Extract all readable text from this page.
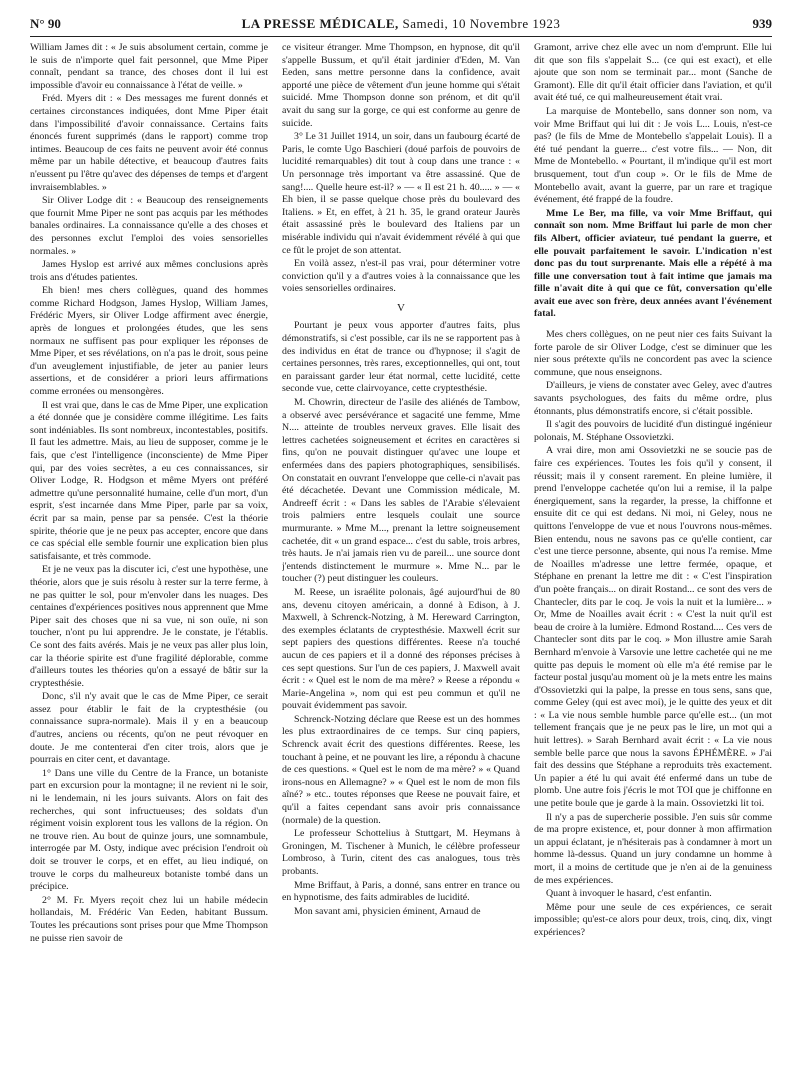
N° 90	LA PRESSE MÉDICALE, Samedi, 10 Novembre 1923	939

William James dit : « Je suis absolument certain, comme je le suis de n'importe quel fait personnel, que Mme Piper connaît, pendant sa trance, des choses dont il lui est impossible d'avoir eu connaissance à l'état de veille. »

Fréd. Myers dit : « Des messages me furent donnés et certaines circonstances indiquées, dont Mme Piper était dans l'impossibilité d'avoir connaissance. Certains faits énoncés furent supprimés (dans le rapport) comme trop intimes. Beaucoup de ces faits ne peuvent avoir été connus même par un habile détective, et beaucoup d'autres faits n'eussent pu l'être qu'avec des dépenses de temps et d'argent invraisemblables. »

Sir Oliver Lodge dit : « Beaucoup des renseignements que fournit Mme Piper ne sont pas acquis par les méthodes banales ordinaires. La connaissance qu'elle a des choses et des personnes exclut l'emploi des voies sensorielles normales. »

James Hyslop est arrivé aux mêmes conclusions après trois ans d'études patientes.

Eh bien! mes chers collègues, quand des hommes comme Richard Hodgson, James Hyslop, William James, Frédéric Myers, sir Oliver Lodge affirment avec énergie, après de longues et prolongées études, que les sens normaux ne suffisent pas pour expliquer les réponses de Mme Piper, et ses révélations, on n'a pas le droit, sous peine d'un aveuglement injustifiable, de jeter au panier leurs assertions, et de considérer a priori leurs affirmations comme erronées ou mensongères.

Il est vrai que, dans le cas de Mme Piper, une explication a été donnée que je considère comme illégitime. Les faits sont indéniables. Ils sont nombreux, incontestables, positifs. Il faut les admettre. Mais, au lieu de supposer, comme je le fais, que c'est l'intelligence (inconsciente) de Mme Piper qui, par des voies secrètes, a eu ces connaissances, sir Oliver Lodge, R. Hodgson et même Myers ont préféré admettre qu'une personnalité humaine, celle d'un mort, d'un esprit, s'est incarnée dans Mme Piper, parle par sa voix, écrit par sa main, pense par sa pensée. C'est la théorie spirite, théorie que je ne peux pas accepter, encore que dans ce cas spécial elle semble fournir une explication bien plus satisfaisante, et très commode.

Et je ne veux pas la discuter ici, c'est une hypothèse, une théorie, alors que je suis résolu à rester sur la terre ferme, à ne pas quitter le sol, pour m'envoler dans les nuages. Des centaines d'expériences positives nous apprennent que Mme Piper sait des choses que ni sa vue, ni son ouïe, ni son toucher, n'ont pu lui apprendre. Je le constate, je l'établis. Ce sont des faits avérés. Mais je ne veux pas aller plus loin, car la théorie spirite est d'une fragilité déplorable, comme d'ailleurs toutes les théories qu'on a essayé de bâtir sur la cryptesthésie.

Donc, s'il n'y avait que le cas de Mme Piper, ce serait assez pour établir le fait de la cryptesthésie (ou connaissance supra-normale). Mais il y en a beaucoup d'autres, anciens ou récents, qu'on ne peut révoquer en doute. Je me contenterai d'en citer trois, alors que je pourrais en citer cent, et davantage.

1° Dans une ville du Centre de la France, un botaniste part en excursion pour la montagne; il ne revient ni le soir, ni le lendemain, ni les jours suivants. Alors on fait des recherches, qui sont infructueuses; des soldats d'un régiment voisin explorent tous les vallons de la région. On ne trouve rien. Au bout de quinze jours, une somnambule, interrogée par M. Osty, indique avec précision l'endroit où doit se trouver le corps, et en effet, au lieu indiqué, on trouve le corps du malheureux botaniste tombé dans un précipice.

2° M. Fr. Myers reçoit chez lui un habile médecin hollandais, M. Frédéric Van Eeden, habitant Bussum. Toutes les précautions sont prises pour que Mme Thompson ne puisse rien savoir de

ce visiteur étranger. Mme Thompson, en hypnose, dit qu'il s'appelle Bussum, et qu'il était jardinier d'Eden, M. Van Eeden, sans mettre personne dans la confidence, avait apporté une pièce de vêtement d'un jeune homme qui s'était suicidé. Mme Thompson donne son prénom, et dit qu'il avait du sang sur la gorge, ce qui est conforme au genre de suicide.

3° Le 31 Juillet 1914, un soir, dans un faubourg écarté de Paris, le comte Ugo Baschieri (doué parfois de pouvoirs de lucidité remarquables) dit tout à coup dans une trance : « Un personnage très important va être assassiné. Que de sang!.... Quelle heure est-il? » — « Il est 21 h. 40..... » — « Eh bien, il se passe quelque chose près du boulevard des Italiens. » Et, en effet, à 21 h. 35, le grand orateur Jaurès était assassiné près le boulevard des Italiens par un misérable individu qui n'avait évidemment révélé à qui que ce fût le projet de son attentat.

En voilà assez, n'est-il pas vrai, pour déterminer votre conviction qu'il y a d'autres voies à la connaissance que les voies sensorielles ordinaires.

V

Pourtant je peux vous apporter d'autres faits, plus démonstratifs, si c'est possible, car ils ne se rapportent pas à des individus en état de trance ou d'hypnose; il s'agit de certaines personnes, très rares, exceptionnelles, qui ont, tout en paraissant garder leur état normal, cette lucidité, cette seconde vue, cette clairvoyance, cette cryptesthésie.

M. Chowrin, directeur de l'asile des aliénés de Tambow, a observé avec persévérance et sagacité une femme, Mme N.... atteinte de troubles nerveux graves. Elle lisait des lettres cachetées soigneusement et écrites en caractères si fins, qu'on ne pouvait distinguer qu'avec une loupe et enfermées dans des papiers photographiques, sensibilisés. On constatait en ouvrant l'enveloppe que celle-ci n'avait pas été décachetée. Devant une Commission médicale, M. Andreeff écrit : « Dans les sables de l'Arabie s'élevaient trois palmiers entre lesquels coulait une source murmurante. » Mme M..., prenant la lettre soigneusement cachetée, dit « un grand espace... c'est du sable, trois arbres, très hauts. Je n'ai jamais rien vu de pareil... une source dont j'entends distinctement le murmure ». Mme N... par le toucher (?) peut distinguer les couleurs.

M. Reese, un israélite polonais, âgé aujourd'hui de 80 ans, devenu citoyen américain, a donné à Edison, à J. Maxwell, à Schrenck-Notzing, à M. Hereward Carrington, des exemples éclatants de cryptesthésie. Maxwell écrit sur sept papiers des questions différentes. Reese n'a touché aucun de ces papiers et il a donné des réponses précises à ces sept questions. Sur l'un de ces papiers, J. Maxwell avait écrit : « Quel est le nom de ma mère? » Reese a répondu « Marie-Angelina », nom qui est peu commun et qu'il ne pouvait évidemment pas savoir.

Schrenck-Notzing déclare que Reese est un des hommes les plus extraordinaires de ce temps. Sur cinq papiers, Schrenck avait écrit des questions différentes. Reese, les touchant à peine, et ne pouvant les lire, a répondu à chacune de ces questions. « Quel est le nom de ma mère? » « Quand irons-nous en Allemagne? » « Quel est le nom de mon fils aîné? » etc.. toutes réponses que Reese ne pouvait faire, et qu'il a faites cependant sans avoir pris connaissance (normale) de la question.

Le professeur Schottelius à Stuttgart, M. Heymans à Groningen, M. Tischener à Munich, le célèbre professeur Lombroso, à Turin, citent des cas analogues, tous très probants.

Mme Briffaut, à Paris, a donné, sans entrer en trance ou en hypnotisme, des faits admirables de lucidité.

Mon savant ami, physicien éminent, Arnaud de

Gramont, arrive chez elle avec un nom d'emprunt. Elle lui dit que son fils s'appelait S... (ce qui est exact), et elle ajoute que son nom se terminait par... mont (Sanche de Gramont). Elle dit qu'il était officier dans l'aviation, et qu'il avait été tué, ce qui malheureusement était vrai.

La marquise de Montebello, sans donner son nom, va voir Mme Briffaut qui lui dit : Je vois L... Louis, n'est-ce pas? (le fils de Mme de Montebello s'appelait Louis). Il a été tué pendant la guerre... c'est votre fils... — Non, dit Mme de Montebello. « Pourtant, il m'indique qu'il est mort brusquement, tout d'un coup ». Or le fils de Mme de Montebello avait, avant la guerre, par un rare et tragique événement, été frappé de la foudre.

Mme Le Ber, ma fille, va voir Mme Briffaut, qui connaît son nom. Mme Briffaut lui parle de mon cher fils Albert, officier aviateur, tué pendant la guerre, et elle pouvait parfaitement le savoir. L'indication n'est donc pas du tout surprenante. Mais elle a répété à ma fille une conversation tout à fait intime que jamais ma fille n'avait dite à qui que ce fût, conversation qu'elle avait eue avec son frère, deux années avant l'événement fatal.

Mes chers collègues, on ne peut nier ces faits Suivant la forte parole de sir Oliver Lodge, c'est se diminuer que les nier sous prétexte qu'ils ne concordent pas avec la science commune, que nous enseignons.

D'ailleurs, je viens de constater avec Geley, avec d'autres savants psychologues, des faits du même ordre, plus étonnants, plus démonstratifs encore, si c'était possible.

Il s'agit des pouvoirs de lucidité d'un distingué ingénieur polonais, M. Stéphane Ossovietzki.

A vrai dire, mon ami Ossovietzki ne se soucie pas de faire ces expériences. Toutes les fois qu'il y consent, il réussit; mais il y consent rarement. En pleine lumière, il prend l'enveloppe cachetée qu'on lui a remise, il la palpe énergiquement, sans la regarder, la presse, la chiffonne et ensuite dit ce qui est dedans. Ni moi, ni Geley, nous ne quittons l'enveloppe de vue et nous l'ouvrons nous-mêmes. Bien entendu, nous ne savons pas ce qu'elle contient, car c'est une tierce personne, absente, qui nous l'a remise. Mme de Noailles m'adresse une lettre fermée, opaque, et Stéphane en prenant la lettre me dit : « C'est l'inspiration d'un poète français... on dirait Rostand... ce sont des vers de Chantecler, dits par le coq. Je vois la nuit et la lumière... » Or, Mme de Noailles avait écrit : « C'est la nuit qu'il est beau de croire à la lumière. Edmond Rostand.... Ces vers de Chantecler sont dits par le coq. » Mon illustre amie Sarah Bernhard m'envoie à Varsovie une lettre cachetée qui ne me quitte pas depuis le moment où elle m'a été remise par le facteur postal jusqu'au moment où je la mets entre les mains d'Ossovietzki qui la palpe, la presse en tous sens, sans que, comme Geley (qui est avec moi), je le quitte des yeux et dit : « La vie nous semble humble parce qu'elle est... (un mot tellement français que je ne peux pas le lire, un mot qui a huit lettres). » Sarah Bernhard avait écrit : « La vie nous semble belle parce que nous la savons ÉPHÉMÈRE. » J'ai fait des dessins que Stéphane a reproduits très exactement. Un papier a été lu qui avait été enfermé dans un tube de plomb. Une autre fois j'écris le mot TOI que je chiffonne en une petite boule que je garde à la main. Ossovietzki lit toi.

Il n'y a pas de supercherie possible. J'en suis sûr comme de ma propre existence, et, pour donner à mon affirmation un appui éclatant, je n'hésiterais pas à condamner à mort un homme là-dessus. Quand un jury condamne un homme à mort, il a moins de certitude que je n'en ai de la genuiness de mes expériences.

Quant à invoquer le hasard, c'est enfantin.

Même pour une seule de ces expériences, ce serait impossible; qu'est-ce alors pour deux, trois, cinq, dix, vingt expériences?
